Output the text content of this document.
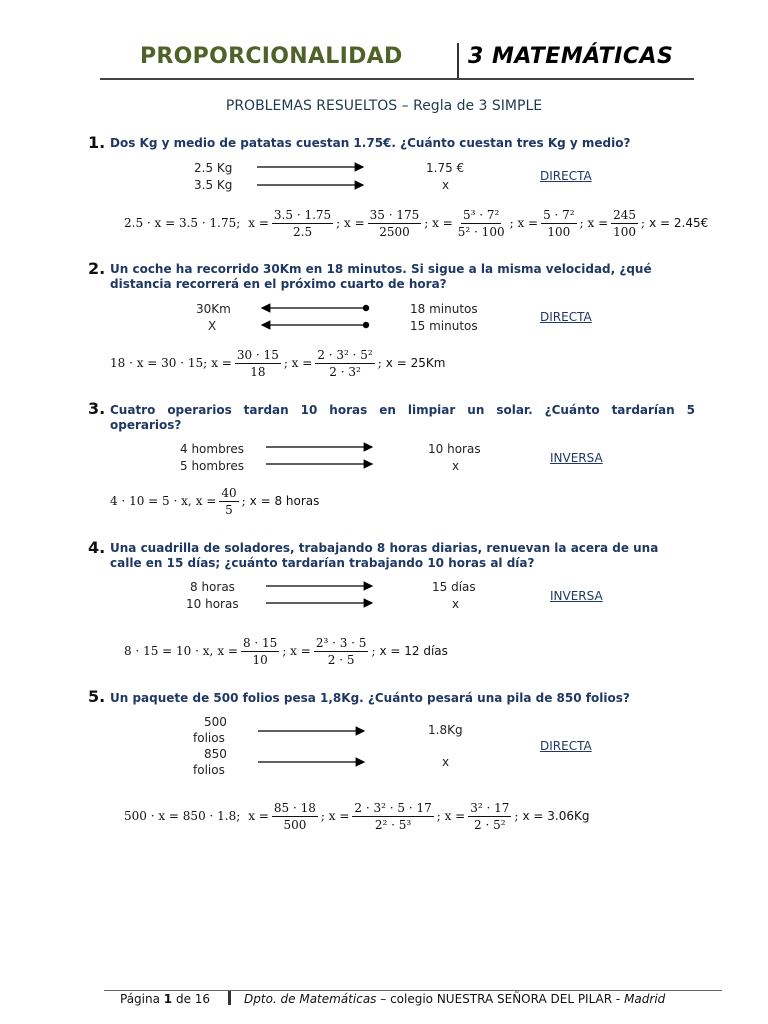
PROPORCIONALIDAD	3 MATEMÁTICAS
PROBLEMAS RESUELTOS – Regla de 3 SIMPLE
1. Dos Kg y medio de patatas cuestan 1.75€. ¿Cuánto cuestan tres Kg y medio?
2.5 Kg
3.5 Kg
1.75 €
x
DIRECTA
2.5 · x = 3.5 · 1.75; $x = \frac{3.5 \cdot 1.75}{2.5}$ ; $x = \frac{35 \cdot 175}{2500}$ ; $x = \frac{\text{5³ · 7²}}{\text{5² · 100}}$ ; $x = \frac{\text{5 · 7²}}{100}$ ; $x = \frac{245}{100}$ ; x = 2.45€
2. Un coche ha recorrido 30Km en 18 minutos. Si sigue a la misma velocidad, ¿qué
distancia recorrerá en el próximo cuarto de hora?
30Km
X
18 minutos
15 minutos
DIRECTA
18 · x = 30 · 15; $x = \frac{30 \cdot 15}{18}$ ; $x = \frac{\text{2 · 3² · 5²}}{\text{2 · 3²}}$ ; x = 25Km
3. Cuatro operarios tardan 10 horas en limpiar un solar. ¿Cuánto tardarían 5
operarios?
4 hombres
5 hombres
10 horas
x
INVERSA
4 · 10 = 5 · x, $x = \frac{40}{5}$ ; x = 8 horas
4. Una cuadrilla de soladores, trabajando 8 horas diarias, renuevan la acera de una
calle en 15 días; ¿cuánto tardarían trabajando 10 horas al día?
8 horas
10 horas
15 días
x
INVERSA
8 · 15 = 10 · x, $x = \frac{8 \cdot 15}{10}$ ; $x = \frac{\text{2³ · 3 · 5}}{2 \cdot 5}$ ; x = 12 días
5. Un paquete de 500 folios pesa 1,8Kg. ¿Cuánto pesará una pila de 850 folios?
500
folios
850
folios
1.8Kg
x
DIRECTA
500 · x = 850 · 1.8; $x = \frac{85 \cdot 18}{500}$ ; $x = \frac{\text{2 · 3² · 5 · 17}}{\text{2² · 5³}}$ ; $x = \frac{\text{3² · 17}}{\text{2 · 5²}}$ ; x = 3.06Kg
Página 1 de 16	Dpto. de Matemáticas – colegio NUESTRA SEÑORA DEL PILAR - Madrid
